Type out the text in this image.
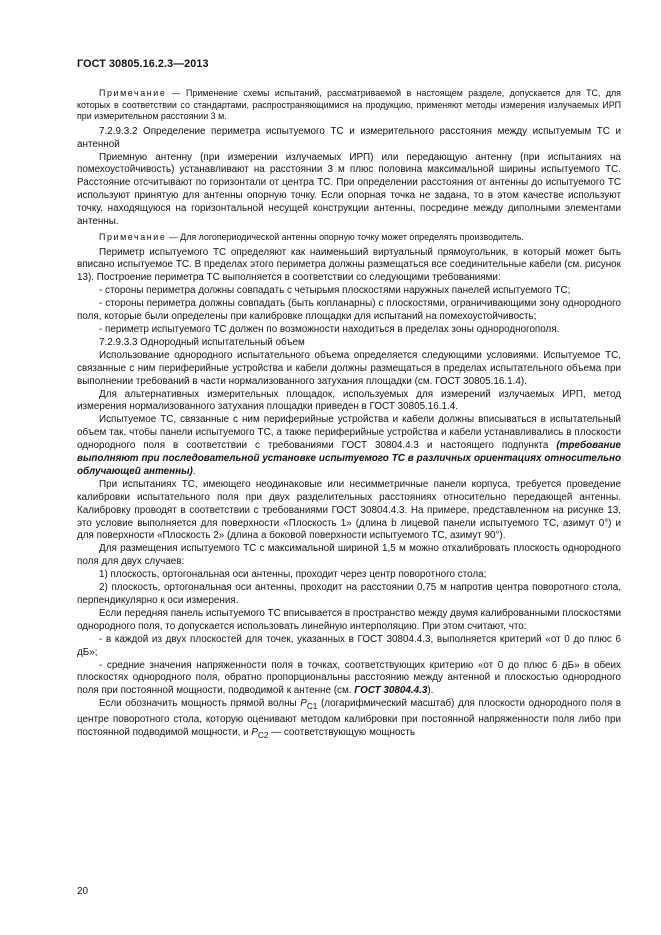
ГОСТ 30805.16.2.3—2013

Примечание — Применение схемы испытаний, рассматриваемой в настоящем разделе, допускается для ТС, для которых в соответствии со стандартами, распространяющимися на продукцию, применяют методы измерения излучаемых ИРП при измерительном расстоянии 3 м.

7.2.9.3.2 Определение периметра испытуемого ТС и измерительного расстояния между испытуемым ТС и антенной

Приемную антенну (при измерении излучаемых ИРП) или передающую антенну (при испытаниях на помехоустойчивость) устанавливают на расстоянии 3 м плюс половина максимальной ширины испытуемого ТС. Расстояние отсчитывают по горизонтали от центра ТС. При определении расстояния от антенны до испытуемого ТС используют принятую для антенны опорную точку. Если опорная точка не задана, то в этом качестве используют точку, находящуюся на горизонтальной несущей конструкции антенны, посредине между диполными элементами антенны.

Примечание — Для логопериодической антенны опорную точку может определять производитель.

Периметр испытуемого ТС определяют как наименьший виртуальный прямоугольник, в который может быть вписано испытуемое ТС. В пределах этого периметра должны размещаться все соединительные кабели (см. рисунок 13). Построение периметра ТС выполняется в соответствии со следующими требованиями:

- стороны периметра должны совпадать с четырьмя плоскостями наружных панелей испытуемого ТС;

- стороны периметра должны совпадать (быть копланарны) с плоскостями, ограничивающими зону однородного поля, которые были определены при калибровке площадки для испытаний на помехоустойчивость;

- периметр испытуемого ТС должен по возможности находиться в пределах зоны однородногополя.

7.2.9.3.3 Однородный испытательный объем

Использование однородного испытательного объема определяется следующими условиями. Испытуемое ТС, связанные с ним периферийные устройства и кабели должны размещаться в пределах испытательного объема при выполнении требований в части нормализованного затухания площадки (см. ГОСТ 30805.16.1.4).

Для альтернативных измерительных площадок, используемых для измерений излучаемых ИРП, метод измерения нормализованного затухания площадки приведен в ГОСТ 30805.16.1.4.

Испытуемое ТС, связанные с ним периферийные устройства и кабели должны вписываться в испытательный объем так, чтобы панели испытуемого ТС, а также периферийные устройства и кабели устанавливались в плоскости однородного поля в соответствии с требованиями ГОСТ 30804.4.3 и настоящего подпункта (требование выполняют при последовательной установке испытуемого ТС в различных ориентациях относительно облучающей антенны).

При испытаниях ТС, имеющего неодинаковые или несимметричные панели корпуса, требуется проведение калибровки испытательного поля при двух разделительных расстояниях относительно передающей антенны. Калибровку проводят в соответствии с требованиями ГОСТ 30804.4.3. На примере, представленном на рисунке 13, это условие выполняется для поверхности «Плоскость 1» (длина b лицевой панели испытуемого ТС, азимут 0°) и для поверхности «Плоскость 2» (длина a боковой поверхности испытуемого ТС, азимут 90°).

Для размещения испытуемого ТС с максимальной шириной 1,5 м можно откалибровать плоскость однородного поля для двух случаев:

1) плоскость, ортогональная оси антенны, проходит через центр поворотного стола;

2) плоскость, ортогональная оси антенны, проходит на расстоянии 0,75 м напротив центра поворотного стола, перпендикулярно к оси измерения.

Если передняя панель испытуемого ТС вписывается в пространство между двумя калиброванными плоскостями однородного поля, то допускается использовать линейную интерполяцию. При этом считают, что:

- в каждой из двух плоскостей для точек, указанных в ГОСТ 30804.4.3, выполняется критерий «от 0 до плюс 6 дБ»;

- средние значения напряженности поля в точках, соответствующих критерию «от 0 до плюс 6 дБ» в обеих плоскостях однородного поля, обратно пропорциональны расстоянию между антенной и плоскостью однородного поля при постоянной мощности, подводимой к антенне (см. ГОСТ 30804.4.3).

Если обозначить мощность прямой волны $P_{C1}$ (логарифмический масштаб) для плоскости однородного поля в центре поворотного стола, которую оценивают методом калибровки при постоянной напряженности поля либо при постоянной подводимой мощности, и $P_{C2}$ — соответствующую мощность

20
